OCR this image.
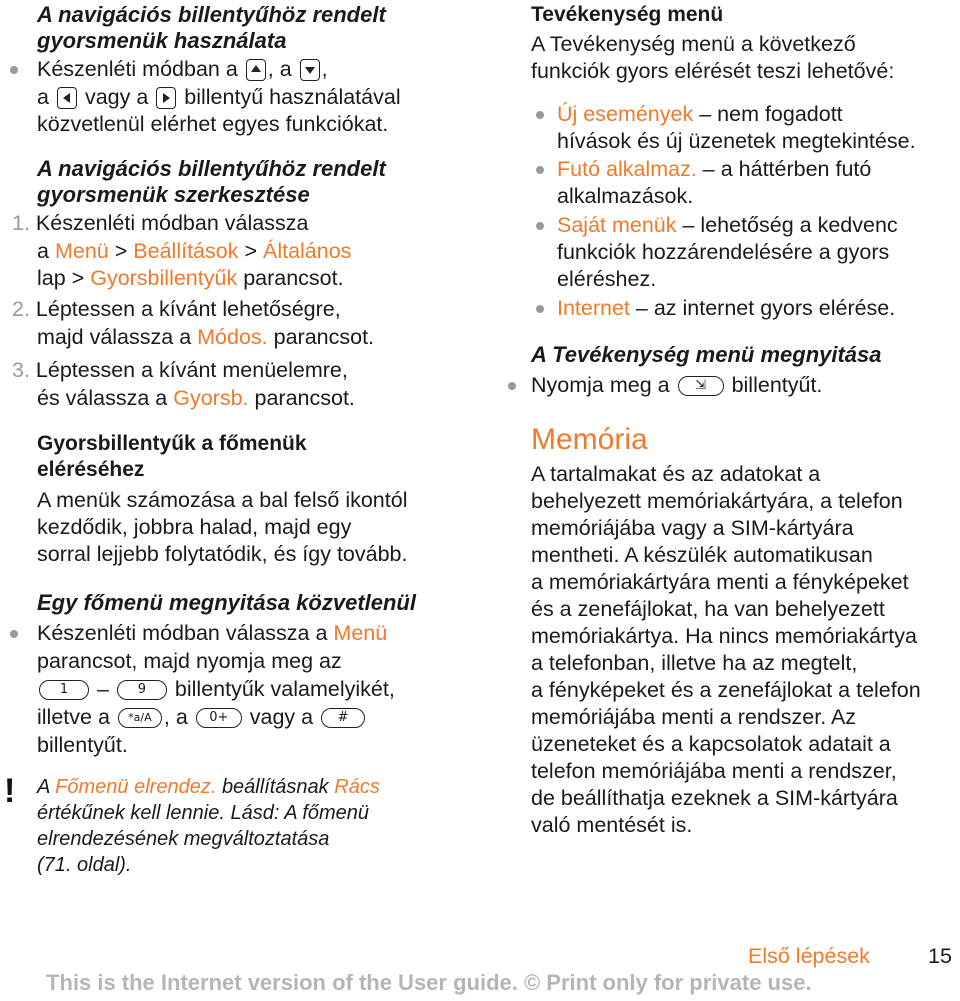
A navigációs billentyűhöz rendelt
gyorsmenük használata
Készenléti módban a , a ,
a vagy a billentyű használatával
közvetlenül elérhet egyes funkciókat.
A navigációs billentyűhöz rendelt
gyorsmenük szerkesztése
1. Készenléti módban válassza
a Menü > Beállítások > Általános
lap > Gyorsbillentyűk parancsot.
2. Léptessen a kívánt lehetőségre,
majd válassza a Módos. parancsot.
3. Léptessen a kívánt menüelemre,
és válassza a Gyorsb. parancsot.
Gyorsbillentyűk a főmenük
eléréséhez
A menük számozása a bal felső ikontól
kezdődik, jobbra halad, majd egy
sorral lejjebb folytatódik, és így tovább.
Egy főmenü megnyitása közvetlenül
Készenléti módban válassza a Menü
parancsot, majd nyomja meg az
1 – 9 billentyűk valamelyikét,
illetve a *a/A , a 0+ vagy a #
billentyűt.
! A Főmenü elrendez. beállításnak Rács
értékűnek kell lennie. Lásd: A főmenü
elrendezésének megváltoztatása
(71. oldal).
Tevékenység menü
A Tevékenység menü a következő
funkciók gyors elérését teszi lehetővé:
Új események – nem fogadott
hívások és új üzenetek megtekintése.
Futó alkalmaz. – a háttérben futó
alkalmazások.
Saját menük – lehetőség a kedvenc
funkciók hozzárendelésére a gyors
eléréshez.
Internet – az internet gyors elérése.
A Tevékenység menü megnyitása
Nyomja meg a ⇲ billentyűt.
Memória
A tartalmakat és az adatokat a
behelyezett memóriakártyára, a telefon
memóriájába vagy a SIM-kártyára
mentheti. A készülék automatikusan
a memóriakártyára menti a fényképeket
és a zenefájlokat, ha van behelyezett
memóriakártya. Ha nincs memóriakártya
a telefonban, illetve ha az megtelt,
a fényképeket és a zenefájlokat a telefon
memóriájába menti a rendszer. Az
üzeneteket és a kapcsolatok adatait a
telefon memóriájába menti a rendszer,
de beállíthatja ezeknek a SIM-kártyára
való mentését is.
Első lépések	15
This is the Internet version of the User guide. © Print only for private use.
